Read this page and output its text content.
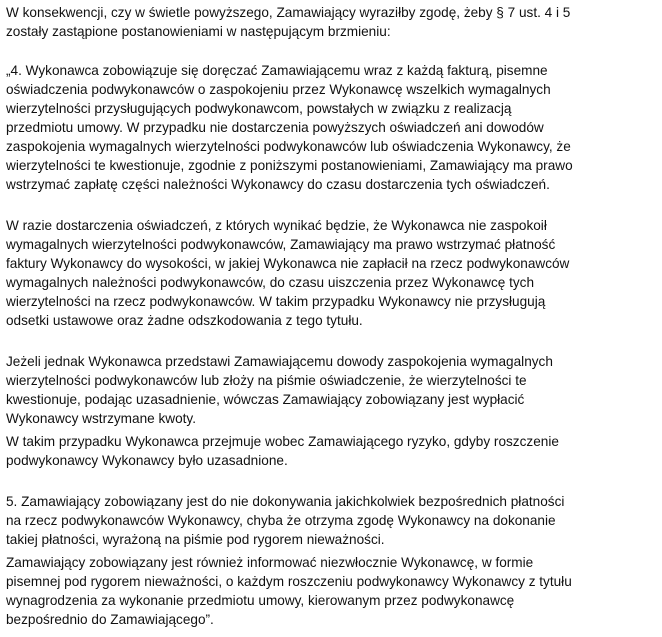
W konsekwencji, czy w świetle powyższego, Zamawiający wyraziłby zgodę, żeby § 7 ust. 4 i 5
zostały zastąpione postanowieniami w następującym brzmieniu:

„4. Wykonawca zobowiązuje się doręczać Zamawiającemu wraz z każdą fakturą, pisemne
oświadczenia podwykonawców o zaspokojeniu przez Wykonawcę wszelkich wymagalnych
wierzytelności przysługujących podwykonawcom, powstałych w związku z realizacją
przedmiotu umowy. W przypadku nie dostarczenia powyższych oświadczeń ani dowodów
zaspokojenia wymagalnych wierzytelności podwykonawców lub oświadczenia Wykonawcy, że
wierzytelności te kwestionuje, zgodnie z poniższymi postanowieniami, Zamawiający ma prawo
wstrzymać zapłatę części należności Wykonawcy do czasu dostarczenia tych oświadczeń.

W razie dostarczenia oświadczeń, z których wynikać będzie, że Wykonawca nie zaspokoił
wymagalnych wierzytelności podwykonawców, Zamawiający ma prawo wstrzymać płatność
faktury Wykonawcy do wysokości, w jakiej Wykonawca nie zapłacił na rzecz podwykonawców
wymagalnych należności podwykonawców, do czasu uiszczenia przez Wykonawcę tych
wierzytelności na rzecz podwykonawców. W takim przypadku Wykonawcy nie przysługują
odsetki ustawowe oraz żadne odszkodowania z tego tytułu.

Jeżeli jednak Wykonawca przedstawi Zamawiającemu dowody zaspokojenia wymagalnych
wierzytelności podwykonawców lub złoży na piśmie oświadczenie, że wierzytelności te
kwestionuje, podając uzasadnienie, wówczas Zamawiający zobowiązany jest wypłacić
Wykonawcy wstrzymane kwoty.

W takim przypadku Wykonawca przejmuje wobec Zamawiającego ryzyko, gdyby roszczenie
podwykonawcy Wykonawcy było uzasadnione.

5. Zamawiający zobowiązany jest do nie dokonywania jakichkolwiek bezpośrednich płatności
na rzecz podwykonawców Wykonawcy, chyba że otrzyma zgodę Wykonawcy na dokonanie
takiej płatności, wyrażoną na piśmie pod rygorem nieważności.

Zamawiający zobowiązany jest również informować niezwłocznie Wykonawcę, w formie
pisemnej pod rygorem nieważności, o każdym roszczeniu podwykonawcy Wykonawcy z tytułu
wynagrodzenia za wykonanie przedmiotu umowy, kierowanym przez podwykonawcę
bezpośrednio do Zamawiającego”.
